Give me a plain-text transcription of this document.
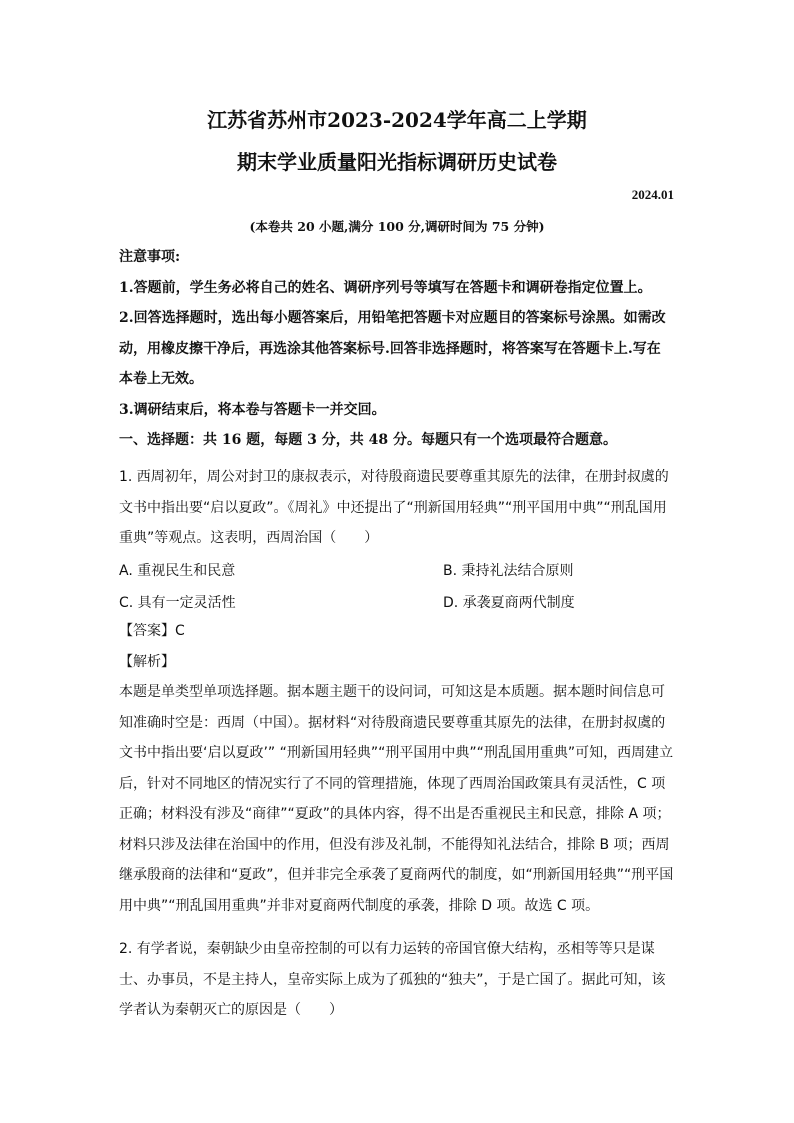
江苏省苏州市2023-2024学年高二上学期
期末学业质量阳光指标调研历史试卷
2024.01
(本卷共 20 小题,满分 100 分,调研时间为 75 分钟)
注意事项:
1.答题前，学生务必将自己的姓名、调研序列号等填写在答题卡和调研卷指定位置上。
2.回答选择题时，选出每小题答案后，用铅笔把答题卡对应题目的答案标号涂黑。如需改
动，用橡皮擦干净后，再选涂其他答案标号.回答非选择题时，将答案写在答题卡上.写在
本卷上无效。
3.调研结束后，将本卷与答题卡一并交回。
一、选择题：共 16 题，每题 3 分，共 48 分。每题只有一个选项最符合题意。
1. 西周初年，周公对封卫的康叔表示，对待殷商遗民要尊重其原先的法律，在册封叔虞的
文书中指出要“启以夏政”。《周礼》中还提出了“刑新国用轻典”“刑平国用中典”“刑乱国用
重典”等观点。这表明，西周治国（　　）
A. 重视民生和民意	B. 秉持礼法结合原则
C. 具有一定灵活性	D. 承袭夏商两代制度
【答案】C
【解析】
本题是单类型单项选择题。据本题主题干的设问词，可知这是本质题。据本题时间信息可
知准确时空是：西周（中国）。据材料“对待殷商遗民要尊重其原先的法律，在册封叔虞的
文书中指出要‘启以夏政’” “刑新国用轻典”“刑平国用中典”“刑乱国用重典”可知，西周建立
后，针对不同地区的情况实行了不同的管理措施，体现了西周治国政策具有灵活性，C 项
正确；材料没有涉及“商律”“夏政”的具体内容，得不出是否重视民主和民意，排除 A 项；
材料只涉及法律在治国中的作用，但没有涉及礼制，不能得知礼法结合，排除 B 项；西周
继承殷商的法律和“夏政”，但并非完全承袭了夏商两代的制度，如“刑新国用轻典”“刑平国
用中典”“刑乱国用重典”并非对夏商两代制度的承袭，排除 D 项。故选 C 项。
2. 有学者说，秦朝缺少由皇帝控制的可以有力运转的帝国官僚大结构，丞相等等只是谋
士、办事员，不是主持人，皇帝实际上成为了孤独的“独夫”，于是亡国了。据此可知，该
学者认为秦朝灭亡的原因是（　　）
